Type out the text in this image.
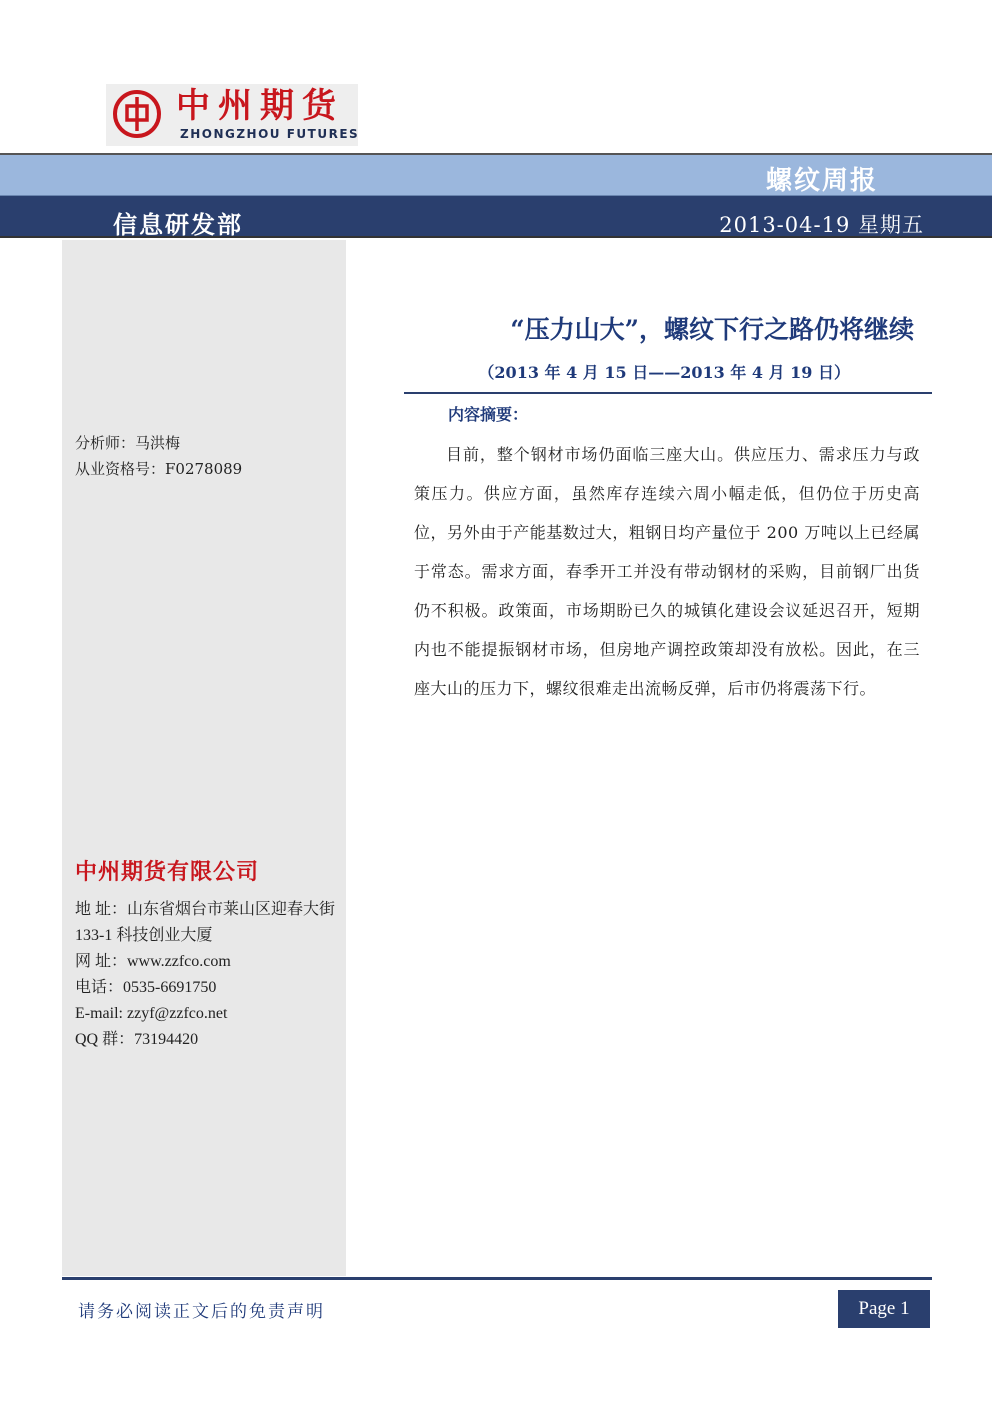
中州期货
ZHONGZHOU FUTURES
螺纹周报
信息研发部	2013-04-19 星期五
分析师：马洪梅
从业资格号：F0278089
中州期货有限公司
地 址：山东省烟台市莱山区迎春大街 133-1 科技创业大厦
网 址：www.zzfco.com
电话：0535-6691750
E-mail: zzyf@zzfco.net
QQ 群：73194420
“压力山大”，螺纹下行之路仍将继续
（2013 年 4 月 15 日——2013 年 4 月 19 日）
内容摘要：
目前，整个钢材市场仍面临三座大山。供应压力、需求压力与政策压力。供应方面，虽然库存连续六周小幅走低，但仍位于历史高位，另外由于产能基数过大，粗钢日均产量位于 200 万吨以上已经属于常态。需求方面，春季开工并没有带动钢材的采购，目前钢厂出货仍不积极。政策面，市场期盼已久的城镇化建设会议延迟召开，短期内也不能提振钢材市场，但房地产调控政策却没有放松。因此，在三座大山的压力下，螺纹很难走出流畅反弹，后市仍将震荡下行。
请务必阅读正文后的免责声明	Page 1
